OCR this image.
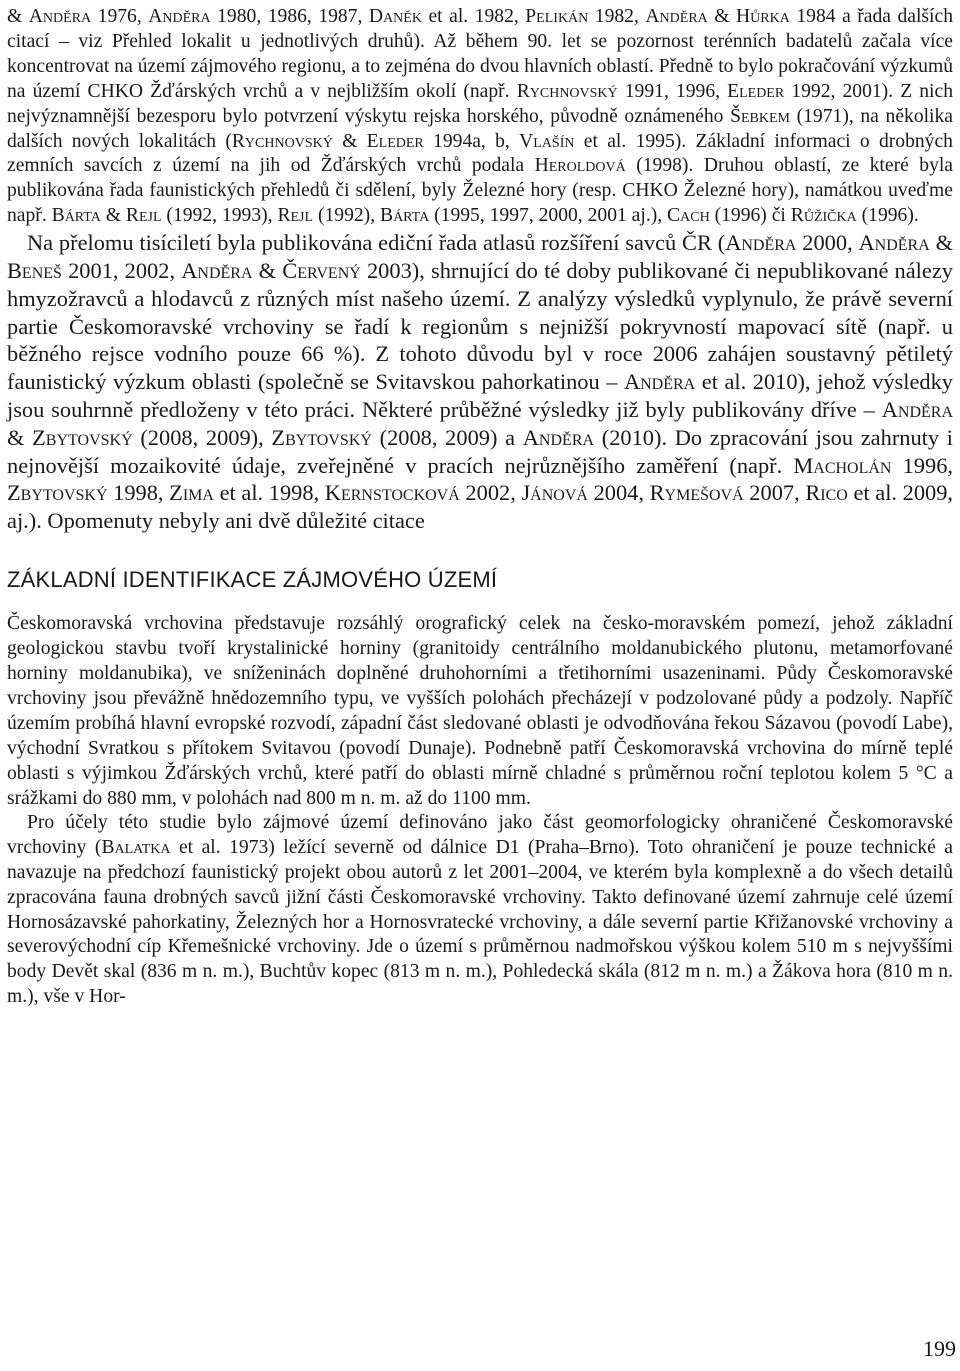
& Anděra 1976, Anděra 1980, 1986, 1987, Daněk et al. 1982, Pelikán 1982, Anděra & Hůrka 1984 a řada dalších citací – viz Přehled lokalit u jednotlivých druhů). Až během 90. let se pozornost terénních badatelů začala více koncentrovat na území zájmového regionu, a to zejména do dvou hlavních oblastí. Předně to bylo pokračování výzkumů na území CHKO Žďárských vrchů a v nejbližším okolí (např. Rychnovský 1991, 1996, Eleder 1992, 2001). Z nich nejvýznamnější bezesporu bylo potvrzení výskytu rejska horského, původně oznámeného Šebkem (1971), na několika dalších nových lokalitách (Rychnovský & Eleder 1994a, b, Vlašín et al. 1995). Základní informaci o drobných zemních savcích z území na jih od Žďárských vrchů podala Heroldová (1998). Druhou oblastí, ze které byla publikována řada faunistických přehledů či sdělení, byly Železné hory (resp. CHKO Železné hory), namátkou uveďme např. Bárta & Rejl (1992, 1993), Rejl (1992), Bárta (1995, 1997, 2000, 2001 aj.), Cach (1996) či Růžička (1996).

Na přelomu tisíciletí byla publikována ediční řada atlasů rozšíření savců ČR (Anděra 2000, Anděra & Beneš 2001, 2002, Anděra & Červený 2003), shrnující do té doby publikované či nepublikované nálezy hmyzožravců a hlodavců z různých míst našeho území. Z analýzy výsledků vyplynulo, že právě severní partie Českomoravské vrchoviny se řadí k regionům s nejnižší pokryvností mapovací sítě (např. u běžného rejsce vodního pouze 66 %). Z tohoto důvodu byl v roce 2006 zahájen soustavný pětiletý faunistický výzkum oblasti (společně se Svitavskou pahorkatinou – Anděra et al. 2010), jehož výsledky jsou souhrnně předloženy v této práci. Některé průběžné výsledky již byly publikovány dříve – Anděra & Zbytovský (2008, 2009), Zbytovský (2008, 2009) a Anděra (2010). Do zpracování jsou zahrnuty i nejnovější mozaikovité údaje, zveřejněné v pracích nejrůznějšího zaměření (např. Macholán 1996, Zbytovský 1998, Zima et al. 1998, Kernstocková 2002, Jánová 2004, Rymešová 2007, Rico et al. 2009, aj.). Opomenuty nebyly ani dvě důležité citace

ZÁKLADNÍ IDENTIFIKACE ZÁJMOVÉHO ÚZEMÍ

Českomoravská vrchovina představuje rozsáhlý orografický celek na česko-moravském pomezí, jehož základní geologickou stavbu tvoří krystalinické horniny (granitoidy centrálního moldanubického plutonu, metamorfované horniny moldanubika), ve sníženinách doplněné druhohorními a třetihorními usazeninami. Půdy Českomoravské vrchoviny jsou převážně hnědozemního typu, ve vyšších polohách přecházejí v podzolované půdy a podzoly. Napříč územím probíhá hlavní evropské rozvodí, západní část sledované oblasti je odvodňována řekou Sázavou (povodí Labe), východní Svratkou s přítokem Svitavou (povodí Dunaje). Podnebně patří Českomoravská vrchovina do mírně teplé oblasti s výjimkou Žďárských vrchů, které patří do oblasti mírně chladné s průměrnou roční teplotou kolem 5 °C a srážkami do 880 mm, v polohách nad 800 m n. m. až do 1100 mm.

Pro účely této studie bylo zájmové území definováno jako část geomorfologicky ohraničené Českomoravské vrchoviny (Balatka et al. 1973) ležící severně od dálnice D1 (Praha–Brno). Toto ohraničení je pouze technické a navazuje na předchozí faunistický projekt obou autorů z let 2001–2004, ve kterém byla komplexně a do všech detailů zpracována fauna drobných savců jižní části Českomoravské vrchoviny. Takto definované území zahrnuje celé území Hornosázavské pahorkatiny, Železných hor a Hornosvratecké vrchoviny, a dále severní partie Křižanovské vrchoviny a severovýchodní cíp Křemešnické vrchoviny. Jde o území s průměrnou nadmořskou výškou kolem 510 m s nejvyššími body Devět skal (836 m n. m.), Buchtův kopec (813 m n. m.), Pohledecká skála (812 m n. m.) a Žákova hora (810 m n. m.), vše v Hor-

199
